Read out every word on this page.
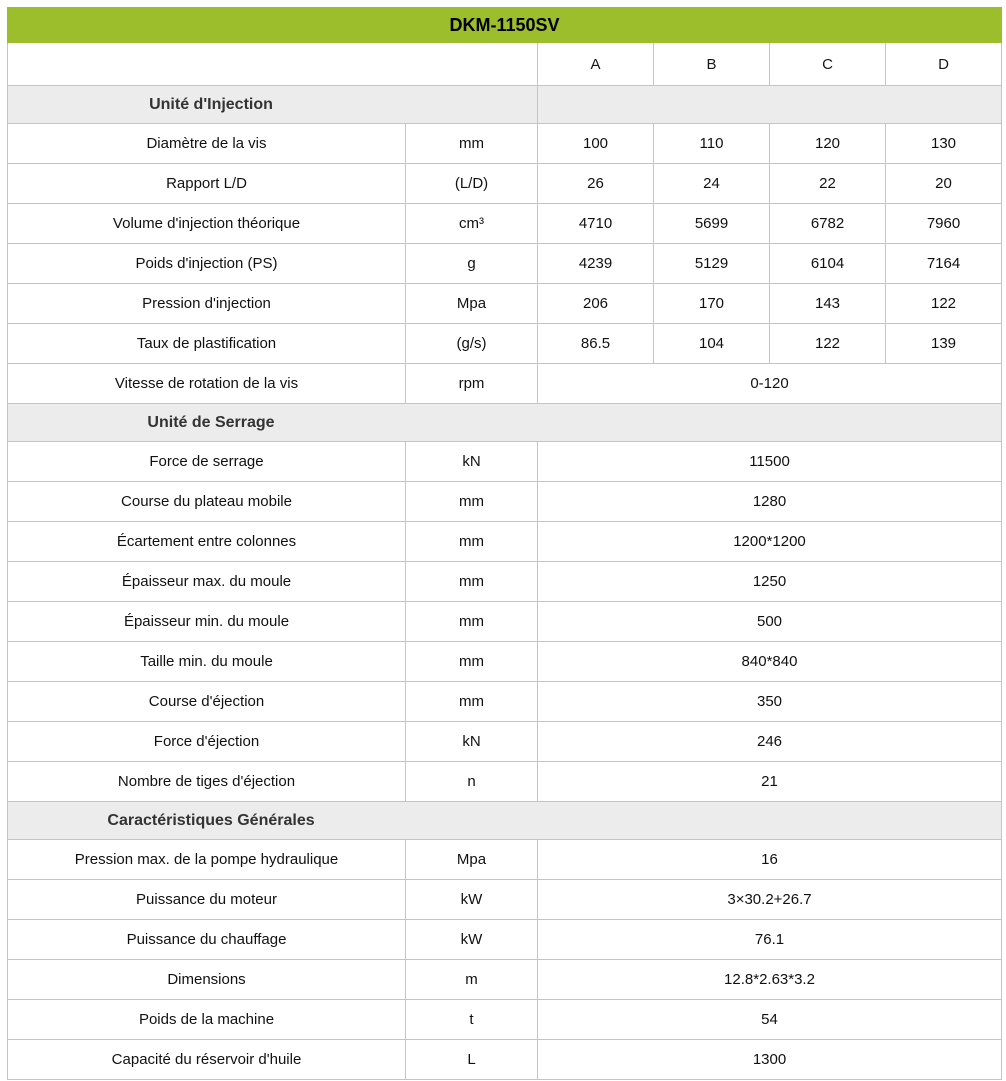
DKM-1150SV					
		A	B	C	D

Unité d'Injection					

Diamètre de la vis	mm	100	110	120	130
Rapport L/D	(L/D)	26	24	22	20
Volume d'injection théorique	cm³	4710	5699	6782	7960
Poids d'injection (PS)	g	4239	5129	6104	7164
Pression d'injection	Mpa	206	170	143	122
Taux de plastification	(g/s)	86.5	104	122	139
Vitesse de rotation de la vis	rpm	0-120			

Unité de Serrage					

Force de serrage	kN	11500			
Course du plateau mobile	mm	1280			
Écartement entre colonnes	mm	1200*1200			
Épaisseur max. du moule	mm	1250			
Épaisseur min. du moule	mm	500			
Taille min. du moule	mm	840*840			
Course d'éjection	mm	350			
Force d'éjection	kN	246			
Nombre de tiges d'éjection	n	21			

Caractéristiques Générales					

Pression max. de la pompe hydraulique	Mpa	16			
Puissance du moteur	kW	3×30.2+26.7			
Puissance du chauffage	kW	76.1			
Dimensions	m	12.8*2.63*3.2			
Poids de la machine	t	54			
Capacité du réservoir d'huile	L	1300			
